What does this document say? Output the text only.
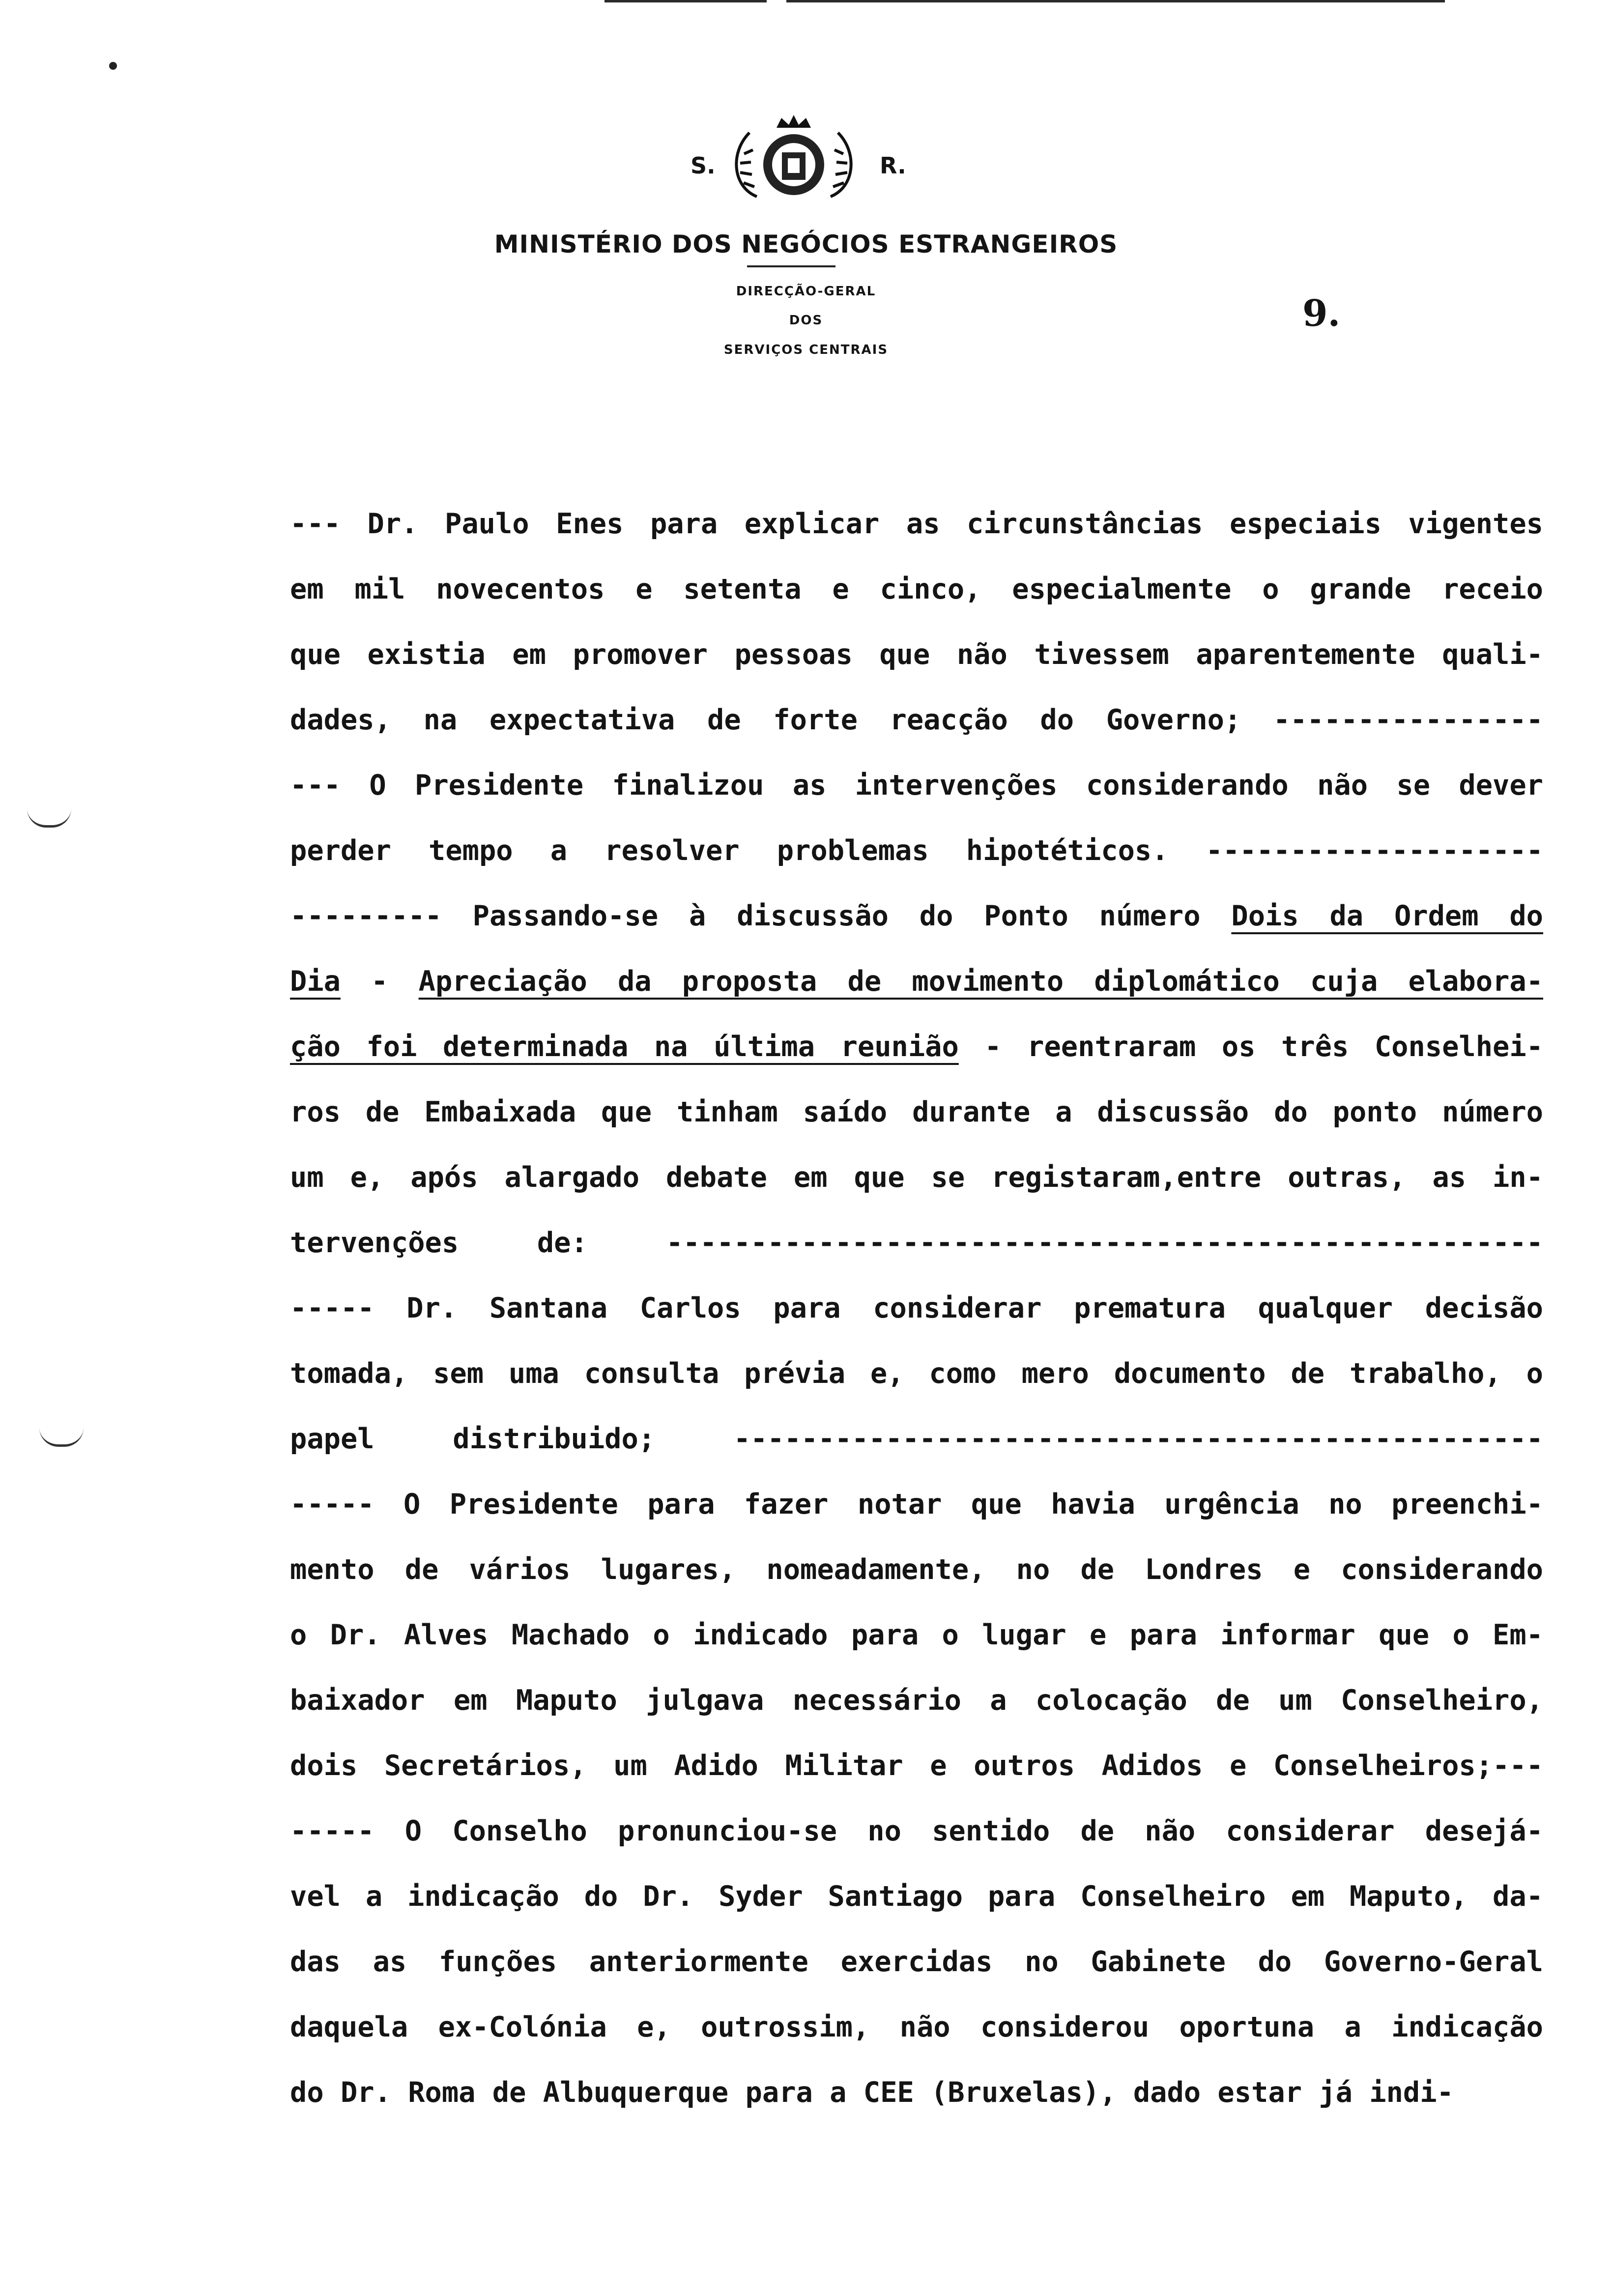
S.	R.
MINISTÉRIO DOS NEGÓCIOS ESTRANGEIROS
DIRECÇÃO-GERAL
DOS
SERVIÇOS CENTRAIS
9.
--- Dr. Paulo Enes para explicar as circunstâncias especiais vigentes
em mil novecentos e setenta e cinco, especialmente o grande receio
que existia em promover pessoas que não tivessem aparentemente quali-
dades, na expectativa de forte reacção do Governo; ----------------
--- O Presidente finalizou as intervenções considerando não se dever
perder tempo a resolver problemas hipotéticos. --------------------
--------- Passando-se à discussão do Ponto número Dois da Ordem do
Dia - Apreciação da proposta de movimento diplomático cuja elabora-
ção foi determinada na última reunião - reentraram os três Conselhei-
ros de Embaixada que tinham saído durante a discussão do ponto número
um e, após alargado debate em que se registaram,entre outras, as in-
tervenções de: ----------------------------------------------------
----- Dr. Santana Carlos para considerar prematura qualquer decisão
tomada, sem uma consulta prévia e, como mero documento de trabalho, o
papel distribuido; ------------------------------------------------
----- O Presidente para fazer notar que havia urgência no preenchi-
mento de vários lugares, nomeadamente, no de Londres e considerando
o Dr. Alves Machado o indicado para o lugar e para informar que o Em-
baixador em Maputo julgava necessário a colocação de um Conselheiro,
dois Secretários, um Adido Militar e outros Adidos e Conselheiros;---
----- O Conselho pronunciou-se no sentido de não considerar desejá-
vel a indicação do Dr. Syder Santiago para Conselheiro em Maputo, da-
das as funções anteriormente exercidas no Gabinete do Governo-Geral
daquela ex-Colónia e, outrossim, não considerou oportuna a indicação
do Dr. Roma de Albuquerque para a CEE (Bruxelas), dado estar já indi-
